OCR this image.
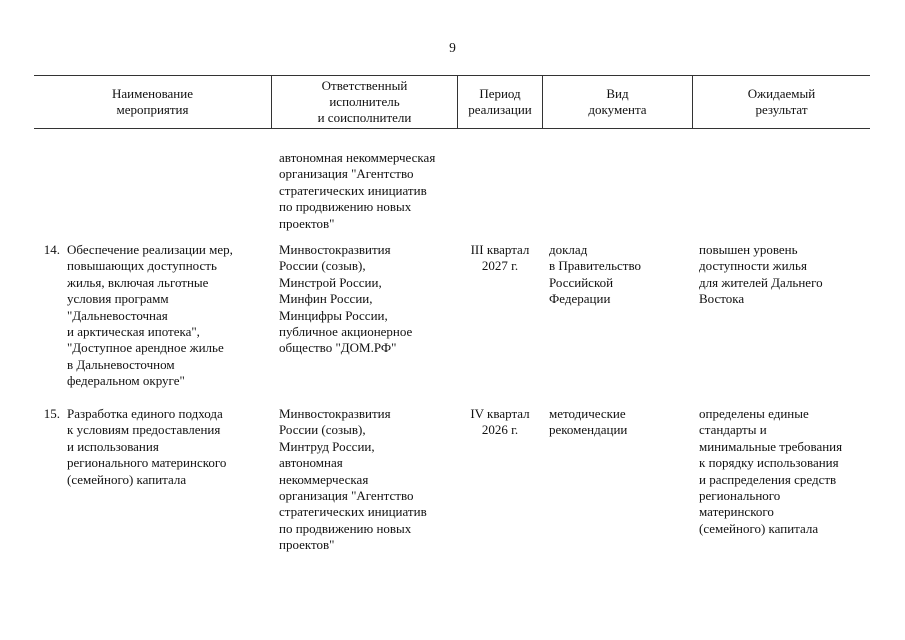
9
Наименование
мероприятия
Ответственный
исполнитель
и соисполнители
Период
реализации
Вид
документа
Ожидаемый
результат
автономная некоммерческая
организация "Агентство
стратегических инициатив
по продвижению новых
проектов"
14. Обеспечение реализации мер,
повышающих доступность
жилья, включая льготные
условия программ
"Дальневосточная
и арктическая ипотека",
"Доступное арендное жилье
в Дальневосточном
федеральном округе"
Минвостокразвития
России (созыв),
Минстрой России,
Минфин России,
Минцифры России,
публичное акционерное
общество "ДОМ.РФ"
III квартал
2027 г.
доклад
в Правительство
Российской
Федерации
повышен уровень
доступности жилья
для жителей Дальнего
Востока
15. Разработка единого подхода
к условиям предоставления
и использования
регионального материнского
(семейного) капитала
Минвостокразвития
России (созыв),
Минтруд России,
автономная
некоммерческая
организация "Агентство
стратегических инициатив
по продвижению новых
проектов"
IV квартал
2026 г.
методические
рекомендации
определены единые
стандарты и
минимальные требования
к порядку использования
и распределения средств
регионального
материнского
(семейного) капитала
